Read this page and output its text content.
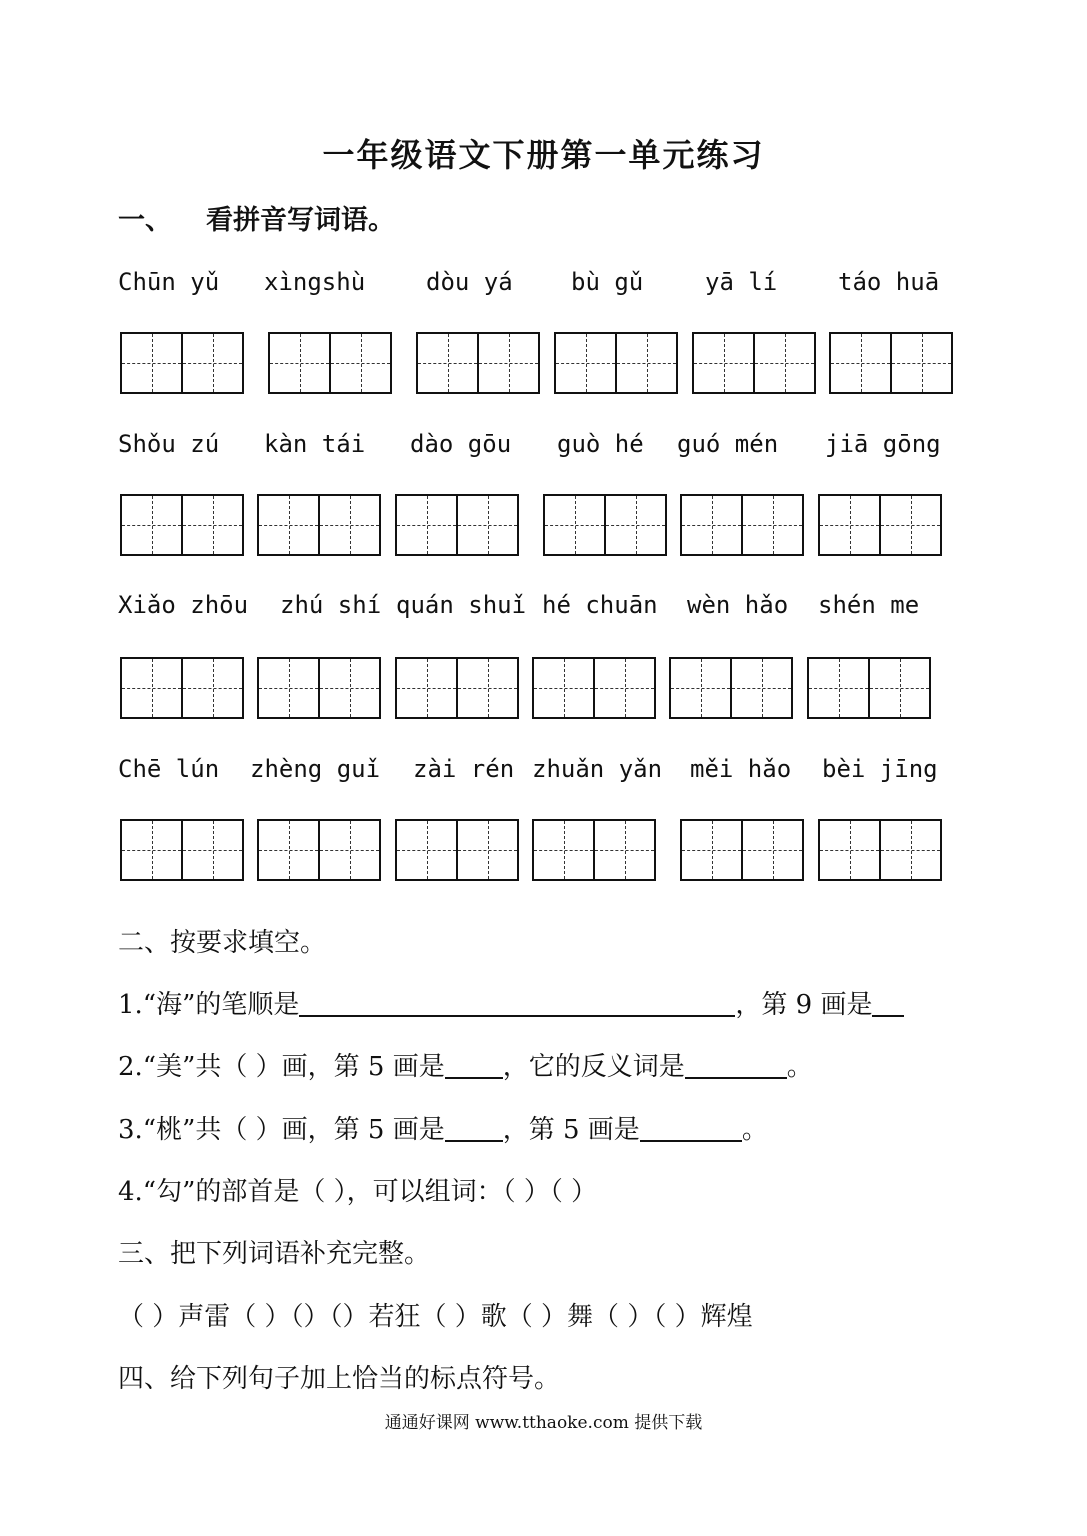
一年级语文下册第一单元练习
一、 看拼音写词语。
Chūn yǔ xìngshù	dòu yá bù gǔ	yā lí	táo huā
Shǒu zú kàn tái dào gōu guò hé guó mén jiā gōng
Xiǎo zhōu zhú shí quán shuǐ hé chuān wèn hǎo shén me
Chē lún zhèng guǐ zài rén zhuǎn yǎn měi hǎo bèi jīng
二、按要求填空。
1.“海”的笔顺是	，第 9 画是
2.“美”共（ ）画，第 5 画是 ，它的反义词是	。
3.“桃”共（ ）画，第 5 画是 ，第 5 画是	。
4.“勾”的部首是（ ），可以组词：（ ）（ ）
三、把下列词语补充完整。
（ ）声雷（ ）（）（）若狂（ ）歌（ ）舞（ ）（ ）辉煌
四、给下列句子加上恰当的标点符号。
通通好课网 www.tthaoke.com 提供下载
